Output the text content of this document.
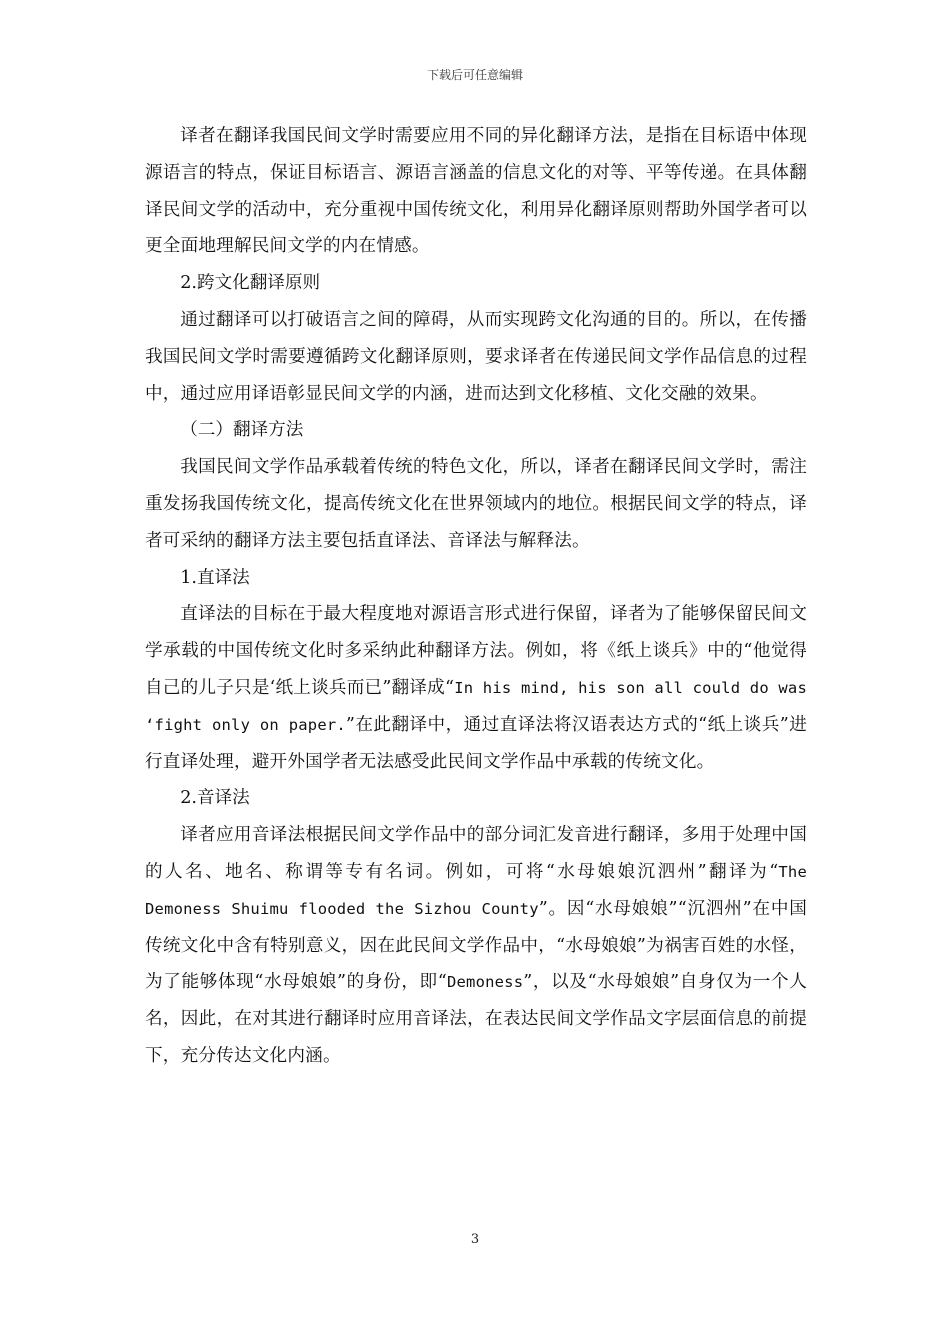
下载后可任意编辑

译者在翻译我国民间文学时需要应用不同的异化翻译方法，是指在目标语中体现源语言的特点，保证目标语言、源语言涵盖的信息文化的对等、平等传递。在具体翻译民间文学的活动中，充分重视中国传统文化，利用异化翻译原则帮助外国学者可以更全面地理解民间文学的内在情感。

2.跨文化翻译原则

通过翻译可以打破语言之间的障碍，从而实现跨文化沟通的目的。所以，在传播我国民间文学时需要遵循跨文化翻译原则，要求译者在传递民间文学作品信息的过程中，通过应用译语彰显民间文学的内涵，进而达到文化移植、文化交融的效果。

（二）翻译方法

我国民间文学作品承载着传统的特色文化，所以，译者在翻译民间文学时，需注重发扬我国传统文化，提高传统文化在世界领域内的地位。根据民间文学的特点，译者可采纳的翻译方法主要包括直译法、音译法与解释法。

1.直译法

直译法的目标在于最大程度地对源语言形式进行保留，译者为了能够保留民间文学承载的中国传统文化时多采纳此种翻译方法。例如，将《纸上谈兵》中的“他觉得自己的儿子只是‘纸上谈兵而已”翻译成“In his mind, his son all could do was ‘fight only on paper.”在此翻译中，通过直译法将汉语表达方式的“纸上谈兵”进行直译处理，避开外国学者无法感受此民间文学作品中承载的传统文化。

2.音译法

译者应用音译法根据民间文学作品中的部分词汇发音进行翻译，多用于处理中国的人名、地名、称谓等专有名词。例如，可将“水母娘娘沉泗州”翻译为“The Demoness Shuimu flooded the Sizhou County”。因“水母娘娘”“沉泗州”在中国传统文化中含有特别意义，因在此民间文学作品中，“水母娘娘”为祸害百姓的水怪，为了能够体现“水母娘娘”的身份，即“Demoness”，以及“水母娘娘”自身仅为一个人名，因此，在对其进行翻译时应用音译法，在表达民间文学作品文字层面信息的前提下，充分传达文化内涵。

3
